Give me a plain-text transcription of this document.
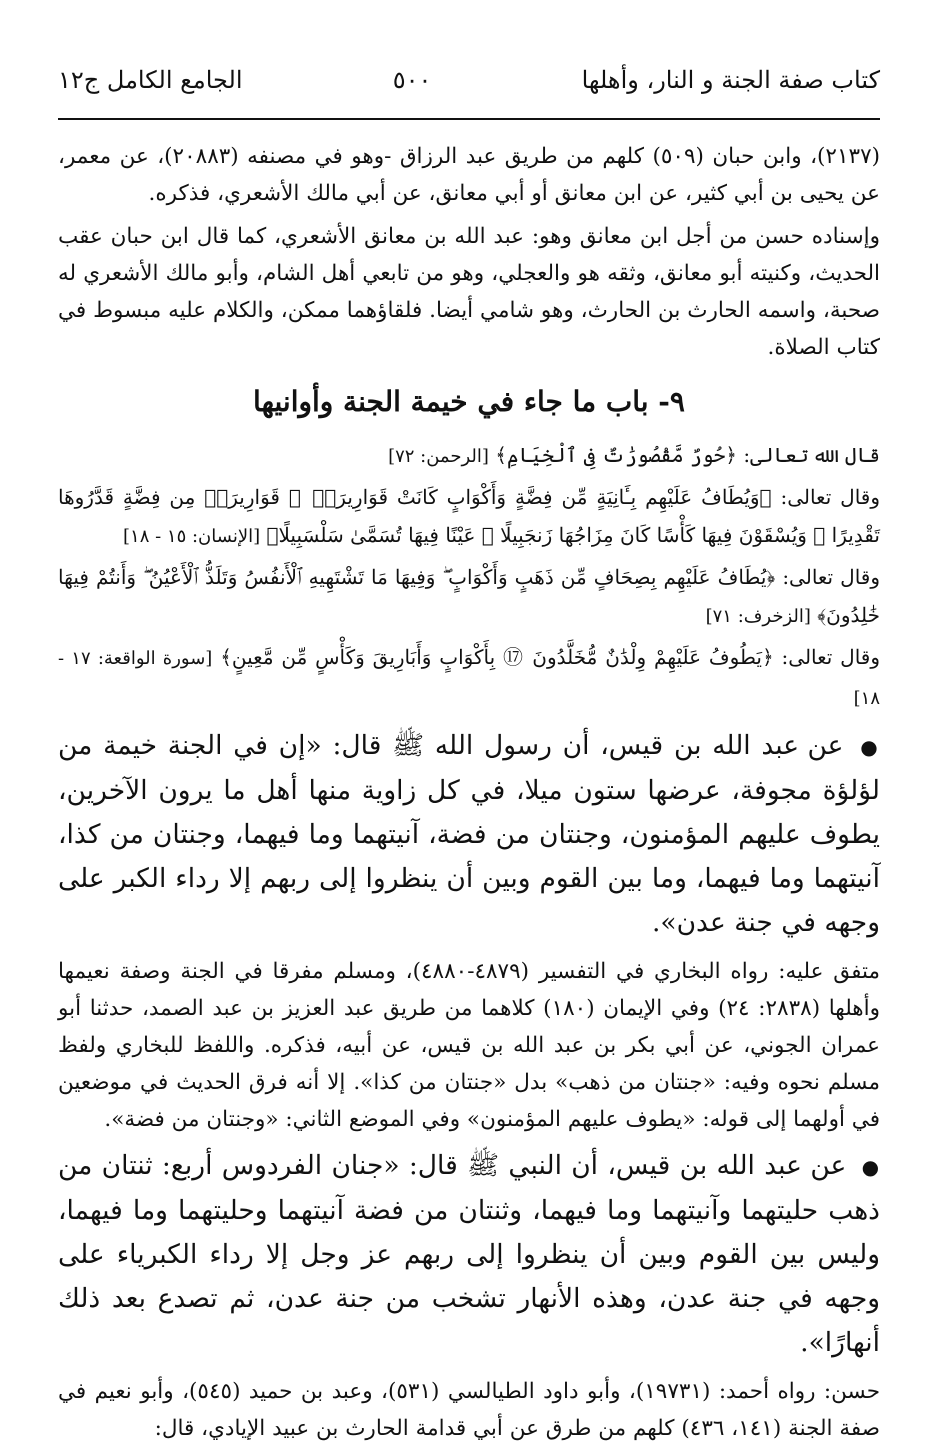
كتاب صفة الجنة و النار، وأهلها
٥٠٠
الجامع الكامل ج١٢

(٢١٣٧)، وابن حبان (٥٠٩) كلهم من طريق عبد الرزاق -وهو في مصنفه (٢٠٨٨٣)، عن معمر، عن يحيى بن أبي كثير، عن ابن معانق أو أبي معانق، عن أبي مالك الأشعري، فذكره.

وإسناده حسن من أجل ابن معانق وهو: عبد الله بن معانق الأشعري، كما قال ابن حبان عقب الحديث، وكنيته أبو معانق، وثقه هو والعجلي، وهو من تابعي أهل الشام، وأبو مالك الأشعري له صحبة، واسمه الحارث بن الحارث، وهو شامي أيضا. فلقاؤهما ممكن، والكلام عليه مبسوط في كتاب الصلاة.

٩- باب ما جاء في خيمة الجنة وأوانيها

قال الله تعالى: ﴿حُورٌ مَّقْصُورَٰتٌ فِى ٱلْخِيَامِ﴾ [الرحمن: ٧٢]

وقال تعالى: ﴿وَيُطَافُ عَلَيْهِم بِـَٔانِيَةٍ مِّن فِضَّةٍ وَأَكْوَابٍ كَانَتْ قَوَارِيرَا۠ ⑮ قَوَارِيرَا۟ مِن فِضَّةٍ قَدَّرُوهَا تَقْدِيرًا ⑯ وَيُسْقَوْنَ فِيهَا كَأْسًا كَانَ مِزَاجُهَا زَنجَبِيلًا ⑰ عَيْنًا فِيهَا تُسَمَّىٰ سَلْسَبِيلًا﴾ [الإنسان: ١٥ - ١٨]

وقال تعالى: ﴿يُطَافُ عَلَيْهِم بِصِحَافٍ مِّن ذَهَبٍ وَأَكْوَابٍ ۖ وَفِيهَا مَا تَشْتَهِيهِ ٱلْأَنفُسُ وَتَلَذُّ ٱلْأَعْيُنُ ۖ وَأَنتُمْ فِيهَا خَٰلِدُونَ﴾ [الزخرف: ٧١]

وقال تعالى: ﴿يَطُوفُ عَلَيْهِمْ وِلْدَٰنٌ مُّخَلَّدُونَ ⑰ بِأَكْوَابٍ وَأَبَارِيقَ وَكَأْسٍ مِّن مَّعِينٍ﴾ [سورة الواقعة: ١٧ - ١٨]

● عن عبد الله بن قيس، أن رسول الله ﷺ قال: «إن في الجنة خيمة من لؤلؤة مجوفة، عرضها ستون ميلا، في كل زاوية منها أهل ما يرون الآخرين، يطوف عليهم المؤمنون، وجنتان من فضة، آنيتهما وما فيهما، وجنتان من كذا، آنيتهما وما فيهما، وما بين القوم وبين أن ينظروا إلى ربهم إلا رداء الكبر على وجهه في جنة عدن».

متفق عليه: رواه البخاري في التفسير (٤٨٧٩-٤٨٨٠)، ومسلم مفرقا في الجنة وصفة نعيمها وأهلها (٢٨٣٨: ٢٤) وفي الإيمان (١٨٠) كلاهما من طريق عبد العزيز بن عبد الصمد، حدثنا أبو عمران الجوني، عن أبي بكر بن عبد الله بن قيس، عن أبيه، فذكره. واللفظ للبخاري ولفظ مسلم نحوه وفيه: «جنتان من ذهب» بدل «جنتان من كذا». إلا أنه فرق الحديث في موضعين في أولهما إلى قوله: «يطوف عليهم المؤمنون» وفي الموضع الثاني: «وجنتان من فضة».

● عن عبد الله بن قيس، أن النبي ﷺ قال: «جنان الفردوس أربع: ثنتان من ذهب حليتهما وآنيتهما وما فيهما، وثنتان من فضة آنيتهما وحليتهما وما فيهما، وليس بين القوم وبين أن ينظروا إلى ربهم عز وجل إلا رداء الكبرياء على وجهه في جنة عدن، وهذه الأنهار تشخب من جنة عدن، ثم تصدع بعد ذلك أنهارًا».

حسن: رواه أحمد: (١٩٧٣١)، وأبو داود الطيالسي (٥٣١)، وعبد بن حميد (٥٤٥)، وأبو نعيم في صفة الجنة (١٤١، ٤٣٦) كلهم من طرق عن أبي قدامة الحارث بن عبيد الإيادي، قال:
